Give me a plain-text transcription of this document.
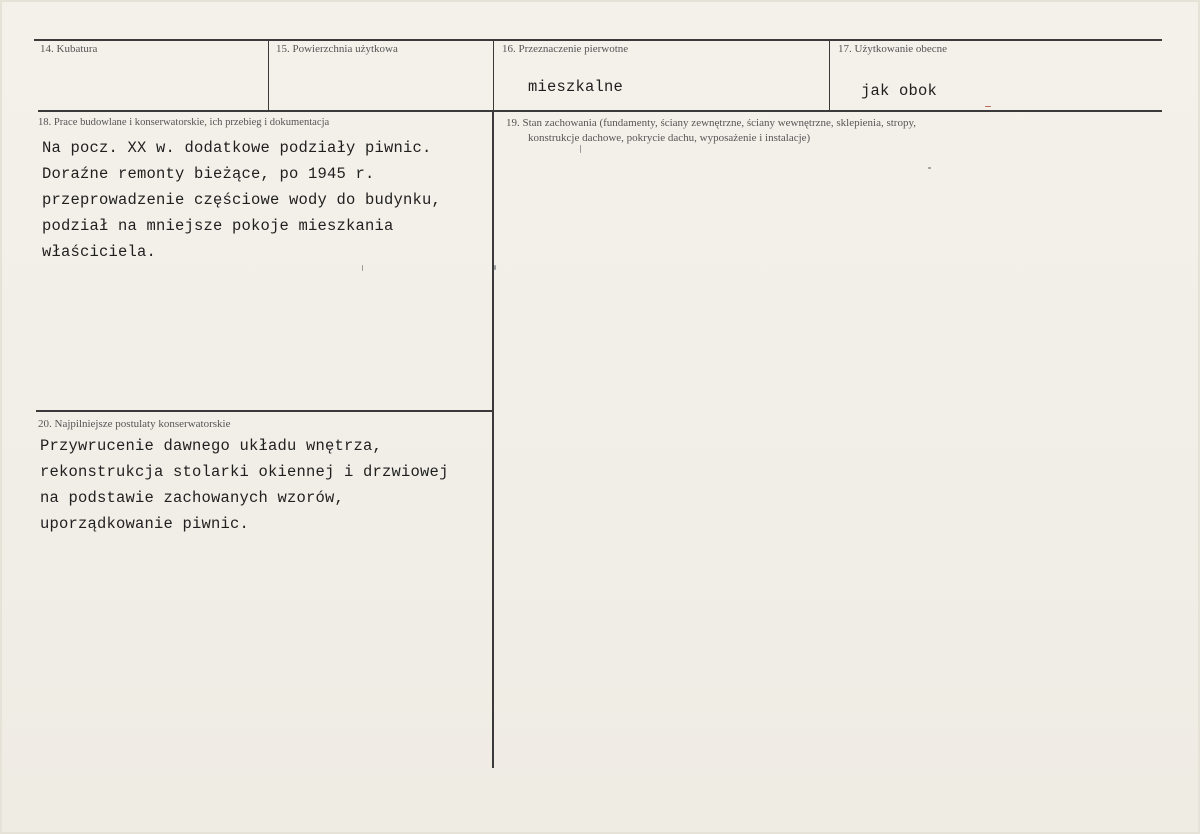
14. Kubatura	15. Powierzchnia użytkowa	16. Przeznaczenie pierwotne
mieszkalne
17. Użytkowanie obecne
jak obok
18. Prace budowlane i konserwatorskie, ich przebieg i dokumentacja
Na pocz. XX w. dodatkowe podziały piwnic.
Doraźne remonty bieżące, po 1945 r.
przeprowadzenie częściowe wody do budynku,
podział na mniejsze pokoje mieszkania
właściciela.
19. Stan zachowania (fundamenty, ściany zewnętrzne, ściany wewnętrzne, sklepienia, stropy,
konstrukcje dachowe, pokrycie dachu, wyposażenie i instalacje)
20. Najpilniejsze postulaty konserwatorskie
Przywrucenie dawnego układu wnętrza,
rekonstrukcja stolarki okiennej i drzwiowej
na podstawie zachowanych wzorów,
uporządkowanie piwnic.
